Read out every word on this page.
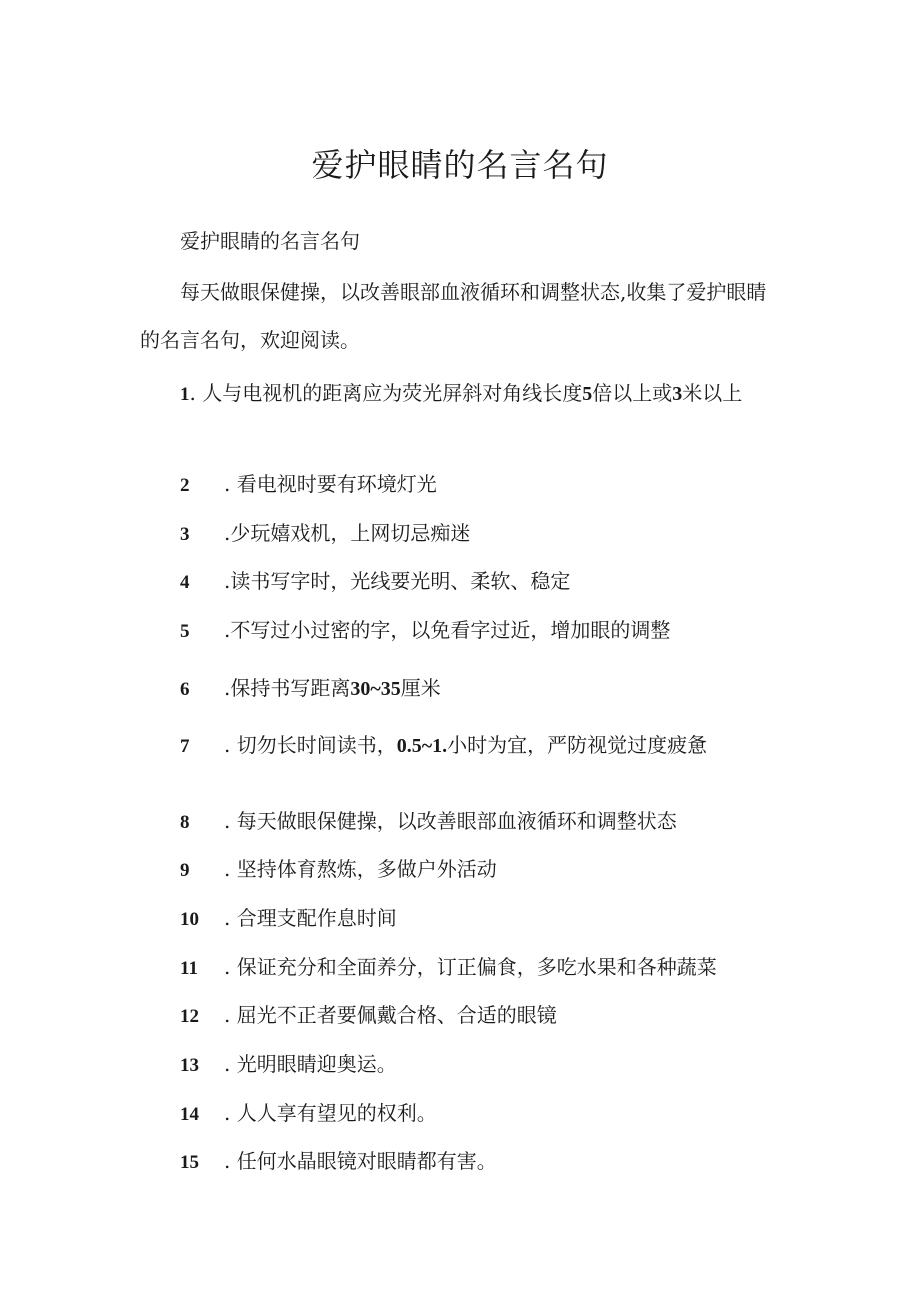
爱护眼睛的名言名句

爱护眼睛的名言名句

每天做眼保健操，以改善眼部血液循环和调整状态,收集了爱护眼睛的名言名句，欢迎阅读。

1. 人与电视机的距离应为荧光屏斜对角线长度5倍以上或3米以上

2	. 看电视时要有环境灯光
3	.少玩嬉戏机，上网切忌痴迷
4	.读书写字时，光线要光明、柔软、稳定
5	.不写过小过密的字，以免看字过近，增加眼的调整
6	.保持书写距离30~35厘米
7	. 切勿长时间读书，0.5~1.小时为宜，严防视觉过度疲惫
8	. 每天做眼保健操，以改善眼部血液循环和调整状态
9	. 坚持体育熬炼，多做户外活动
10	. 合理支配作息时间
11	. 保证充分和全面养分，订正偏食，多吃水果和各种蔬菜
12	. 屈光不正者要佩戴合格、合适的眼镜
13	. 光明眼睛迎奥运。
14	. 人人享有望见的权利。
15	. 任何水晶眼镜对眼睛都有害。
